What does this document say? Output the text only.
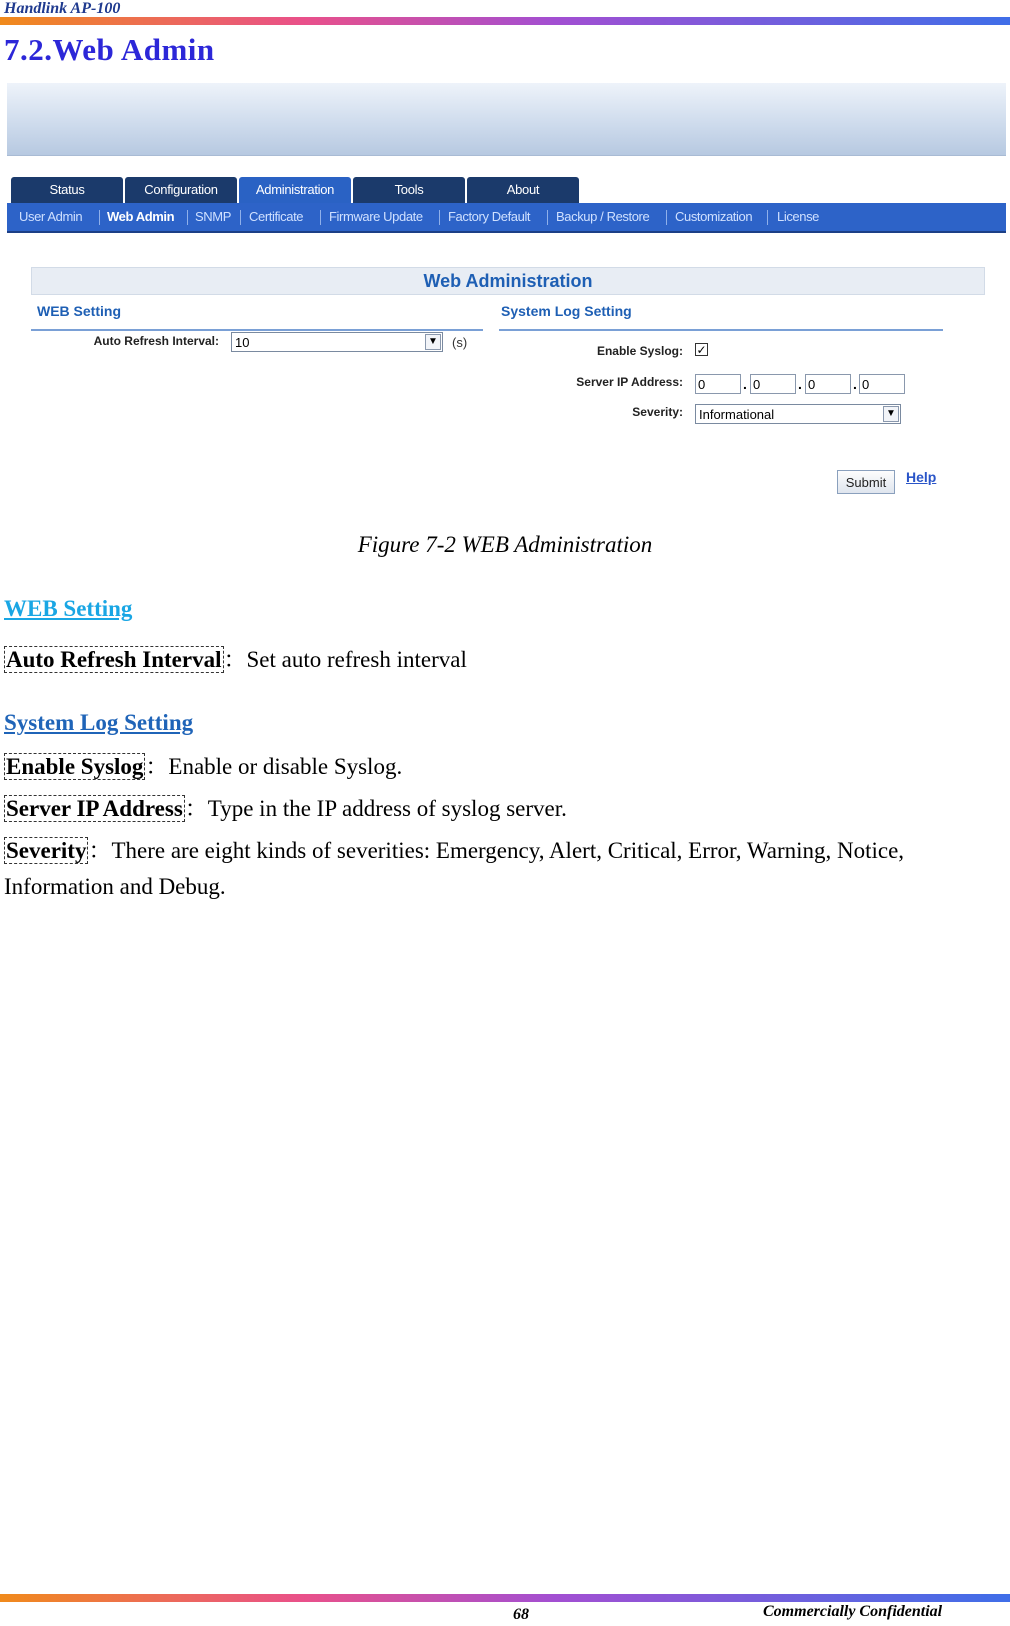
Handlink AP-100
7.2.Web Admin
Status	Configuration	Administration	Tools	About
User Admin Web Admin SNMP Certificate Firmware Update Factory Default Backup / Restore Customization License
Web Administration
WEB Setting
Auto Refresh Interval:	10	▼ (s)
System Log Setting
Enable Syslog: ✓
Server IP Address: 0	. 0	. 0	. 0
Severity:	Informational	▼
Submit	Help
Figure 7-2 WEB Administration
WEB Setting
Auto Refresh Interval：Set auto refresh interval
System Log Setting
Enable Syslog：Enable or disable Syslog.
Server IP Address：Type in the IP address of syslog server.
Severity：There are eight kinds of severities: Emergency, Alert, Critical, Error, Warning, Notice,
Information and Debug.
68	Commercially Confidential
